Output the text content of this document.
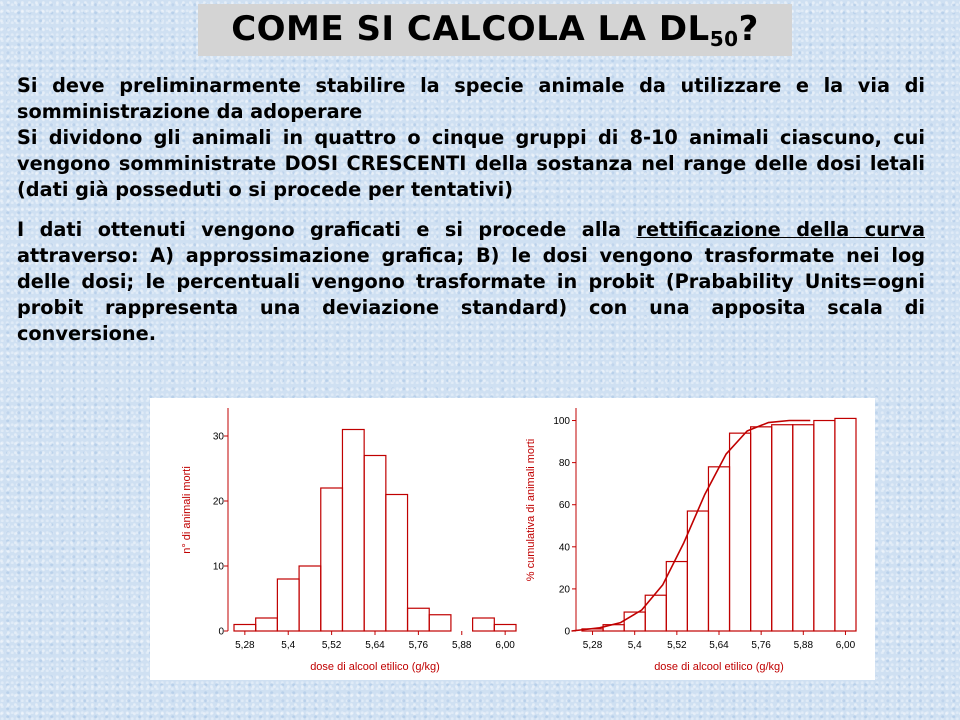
COME SI CALCOLA LA $DL_{50}$?

Si deve preliminarmente stabilire la specie animale da utilizzare e la via di somministrazione da adoperare

Si dividono gli animali in quattro o cinque gruppi di 8-10 animali ciascuno, cui vengono somministrate DOSI CRESCENTI della sostanza nel range delle dosi letali (dati già posseduti o si procede per tentativi)

I dati ottenuti vengono graficati e si procede alla rettificazione della curva attraverso: A) approssimazione grafica; B) le dosi vengono trasformate nei log delle dosi; le percentuali vengono trasformate in probit (Prabability Units=ogni probit rappresenta una deviazione standard) con una apposita scala di conversione.

0
10
20
30
n° di animali morti
5,28	5,4	5,52 5,64 5,76 5,88 6,00
dose di alcool etilico (g/kg)
0
20
40
60
80
100
% cumulativa di animali morti
5,28	5,4	5,52 5,64 5,76 5,88 6,00
dose di alcool etilico (g/kg)
